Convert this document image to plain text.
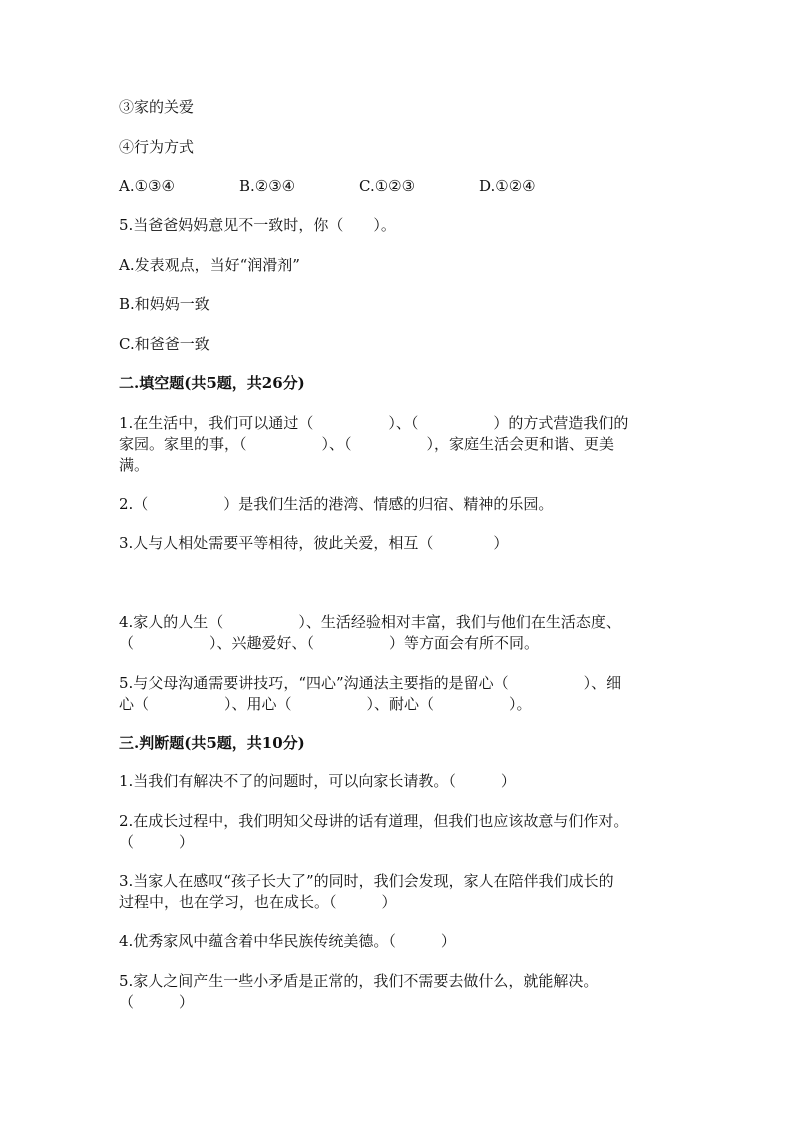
③家的关爱
④行为方式
A.①③④	B.②③④	C.①②③	D.①②④
5.当爸爸妈妈意见不一致时，你（　　）。
A.发表观点，当好“润滑剂”
B.和妈妈一致
C.和爸爸一致
二.填空题(共5题，共26分)
1.在生活中，我们可以通过（　　　　　）、（　　　　　）的方式营造我们的
家园。家里的事，（　　　　　）、（　　　　　），家庭生活会更和谐、更美
满。
2.（　　　　　）是我们生活的港湾、情感的归宿、精神的乐园。
3.人与人相处需要平等相待，彼此关爱，相互（　　　　）
4.家人的人生（　　　　　）、生活经验相对丰富，我们与他们在生活态度、
（　　　　　）、兴趣爱好、（　　　　　）等方面会有所不同。
5.与父母沟通需要讲技巧，“四心”沟通法主要指的是留心（　　　　　）、细
心（　　　　　）、用心（　　　　　）、耐心（　　　　　）。
三.判断题(共5题，共10分)
1.当我们有解决不了的问题时，可以向家长请教。（　　　）
2.在成长过程中，我们明知父母讲的话有道理，但我们也应该故意与们作对。
（　　　）
3.当家人在感叹“孩子长大了”的同时，我们会发现，家人在陪伴我们成长的
过程中，也在学习，也在成长。（　　　）
4.优秀家风中蕴含着中华民族传统美德。（　　　）
5.家人之间产生一些小矛盾是正常的，我们不需要去做什么，就能解决。
（　　　）
